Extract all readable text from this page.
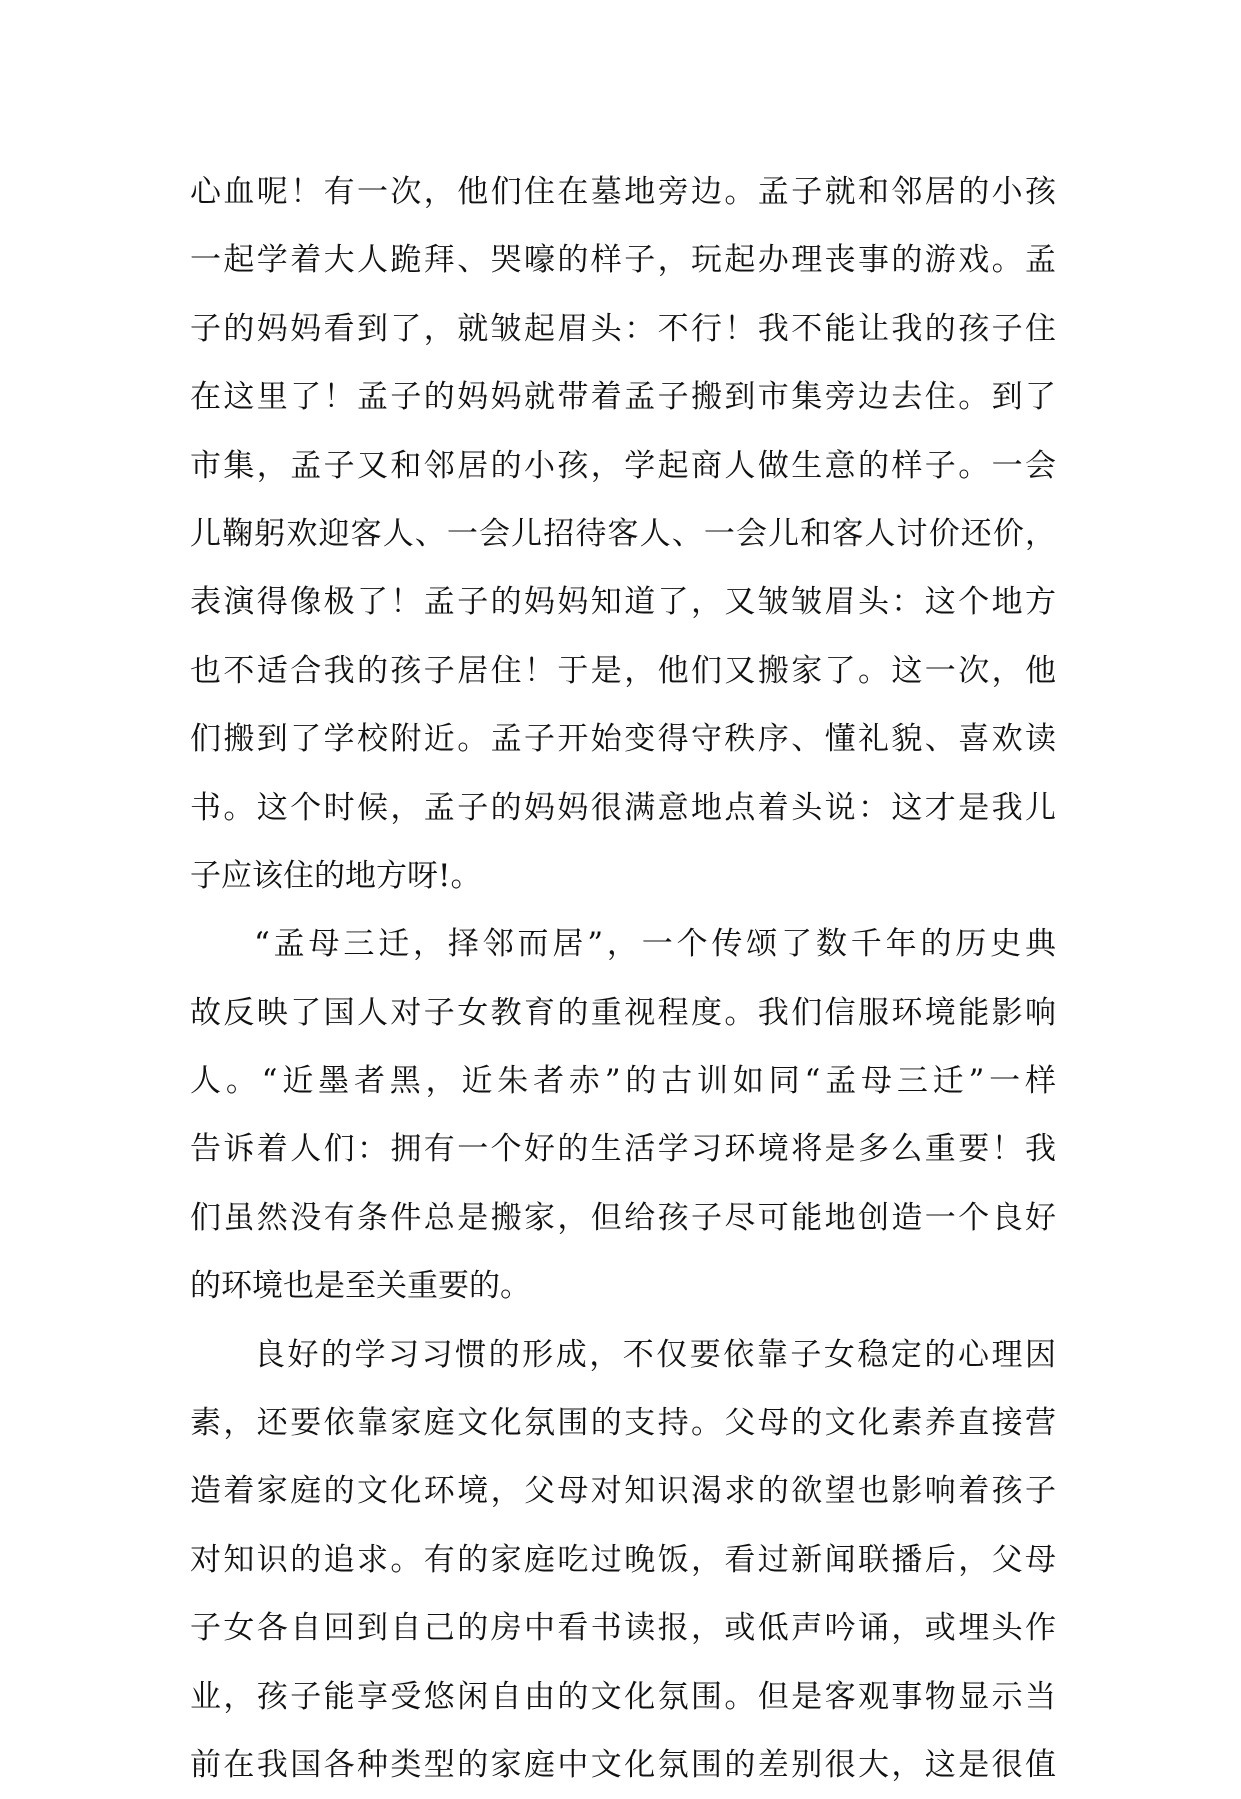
心血呢！有一次，他们住在墓地旁边。孟子就和邻居的小孩
一起学着大人跪拜、哭嚎的样子，玩起办理丧事的游戏。孟
子的妈妈看到了，就皱起眉头：不行！我不能让我的孩子住
在这里了！孟子的妈妈就带着孟子搬到市集旁边去住。到了
市集，孟子又和邻居的小孩，学起商人做生意的样子。一会
儿鞠躬欢迎客人、一会儿招待客人、一会儿和客人讨价还价，
表演得像极了！孟子的妈妈知道了，又皱皱眉头：这个地方
也不适合我的孩子居住！于是，他们又搬家了。这一次，他
们搬到了学校附近。孟子开始变得守秩序、懂礼貌、喜欢读
书。这个时候，孟子的妈妈很满意地点着头说：这才是我儿
子应该住的地方呀!。
“孟母三迁，择邻而居”，一个传颂了数千年的历史典
故反映了国人对子女教育的重视程度。我们信服环境能影响
人。“近墨者黑，近朱者赤”的古训如同“孟母三迁”一样
告诉着人们：拥有一个好的生活学习环境将是多么重要！我
们虽然没有条件总是搬家，但给孩子尽可能地创造一个良好
的环境也是至关重要的。
良好的学习习惯的形成，不仅要依靠子女稳定的心理因
素，还要依靠家庭文化氛围的支持。父母的文化素养直接营
造着家庭的文化环境，父母对知识渴求的欲望也影响着孩子
对知识的追求。有的家庭吃过晚饭，看过新闻联播后，父母
子女各自回到自己的房中看书读报，或低声吟诵，或埋头作
业，孩子能享受悠闲自由的文化氛围。但是客观事物显示当
前在我国各种类型的家庭中文化氛围的差别很大，这是很值
